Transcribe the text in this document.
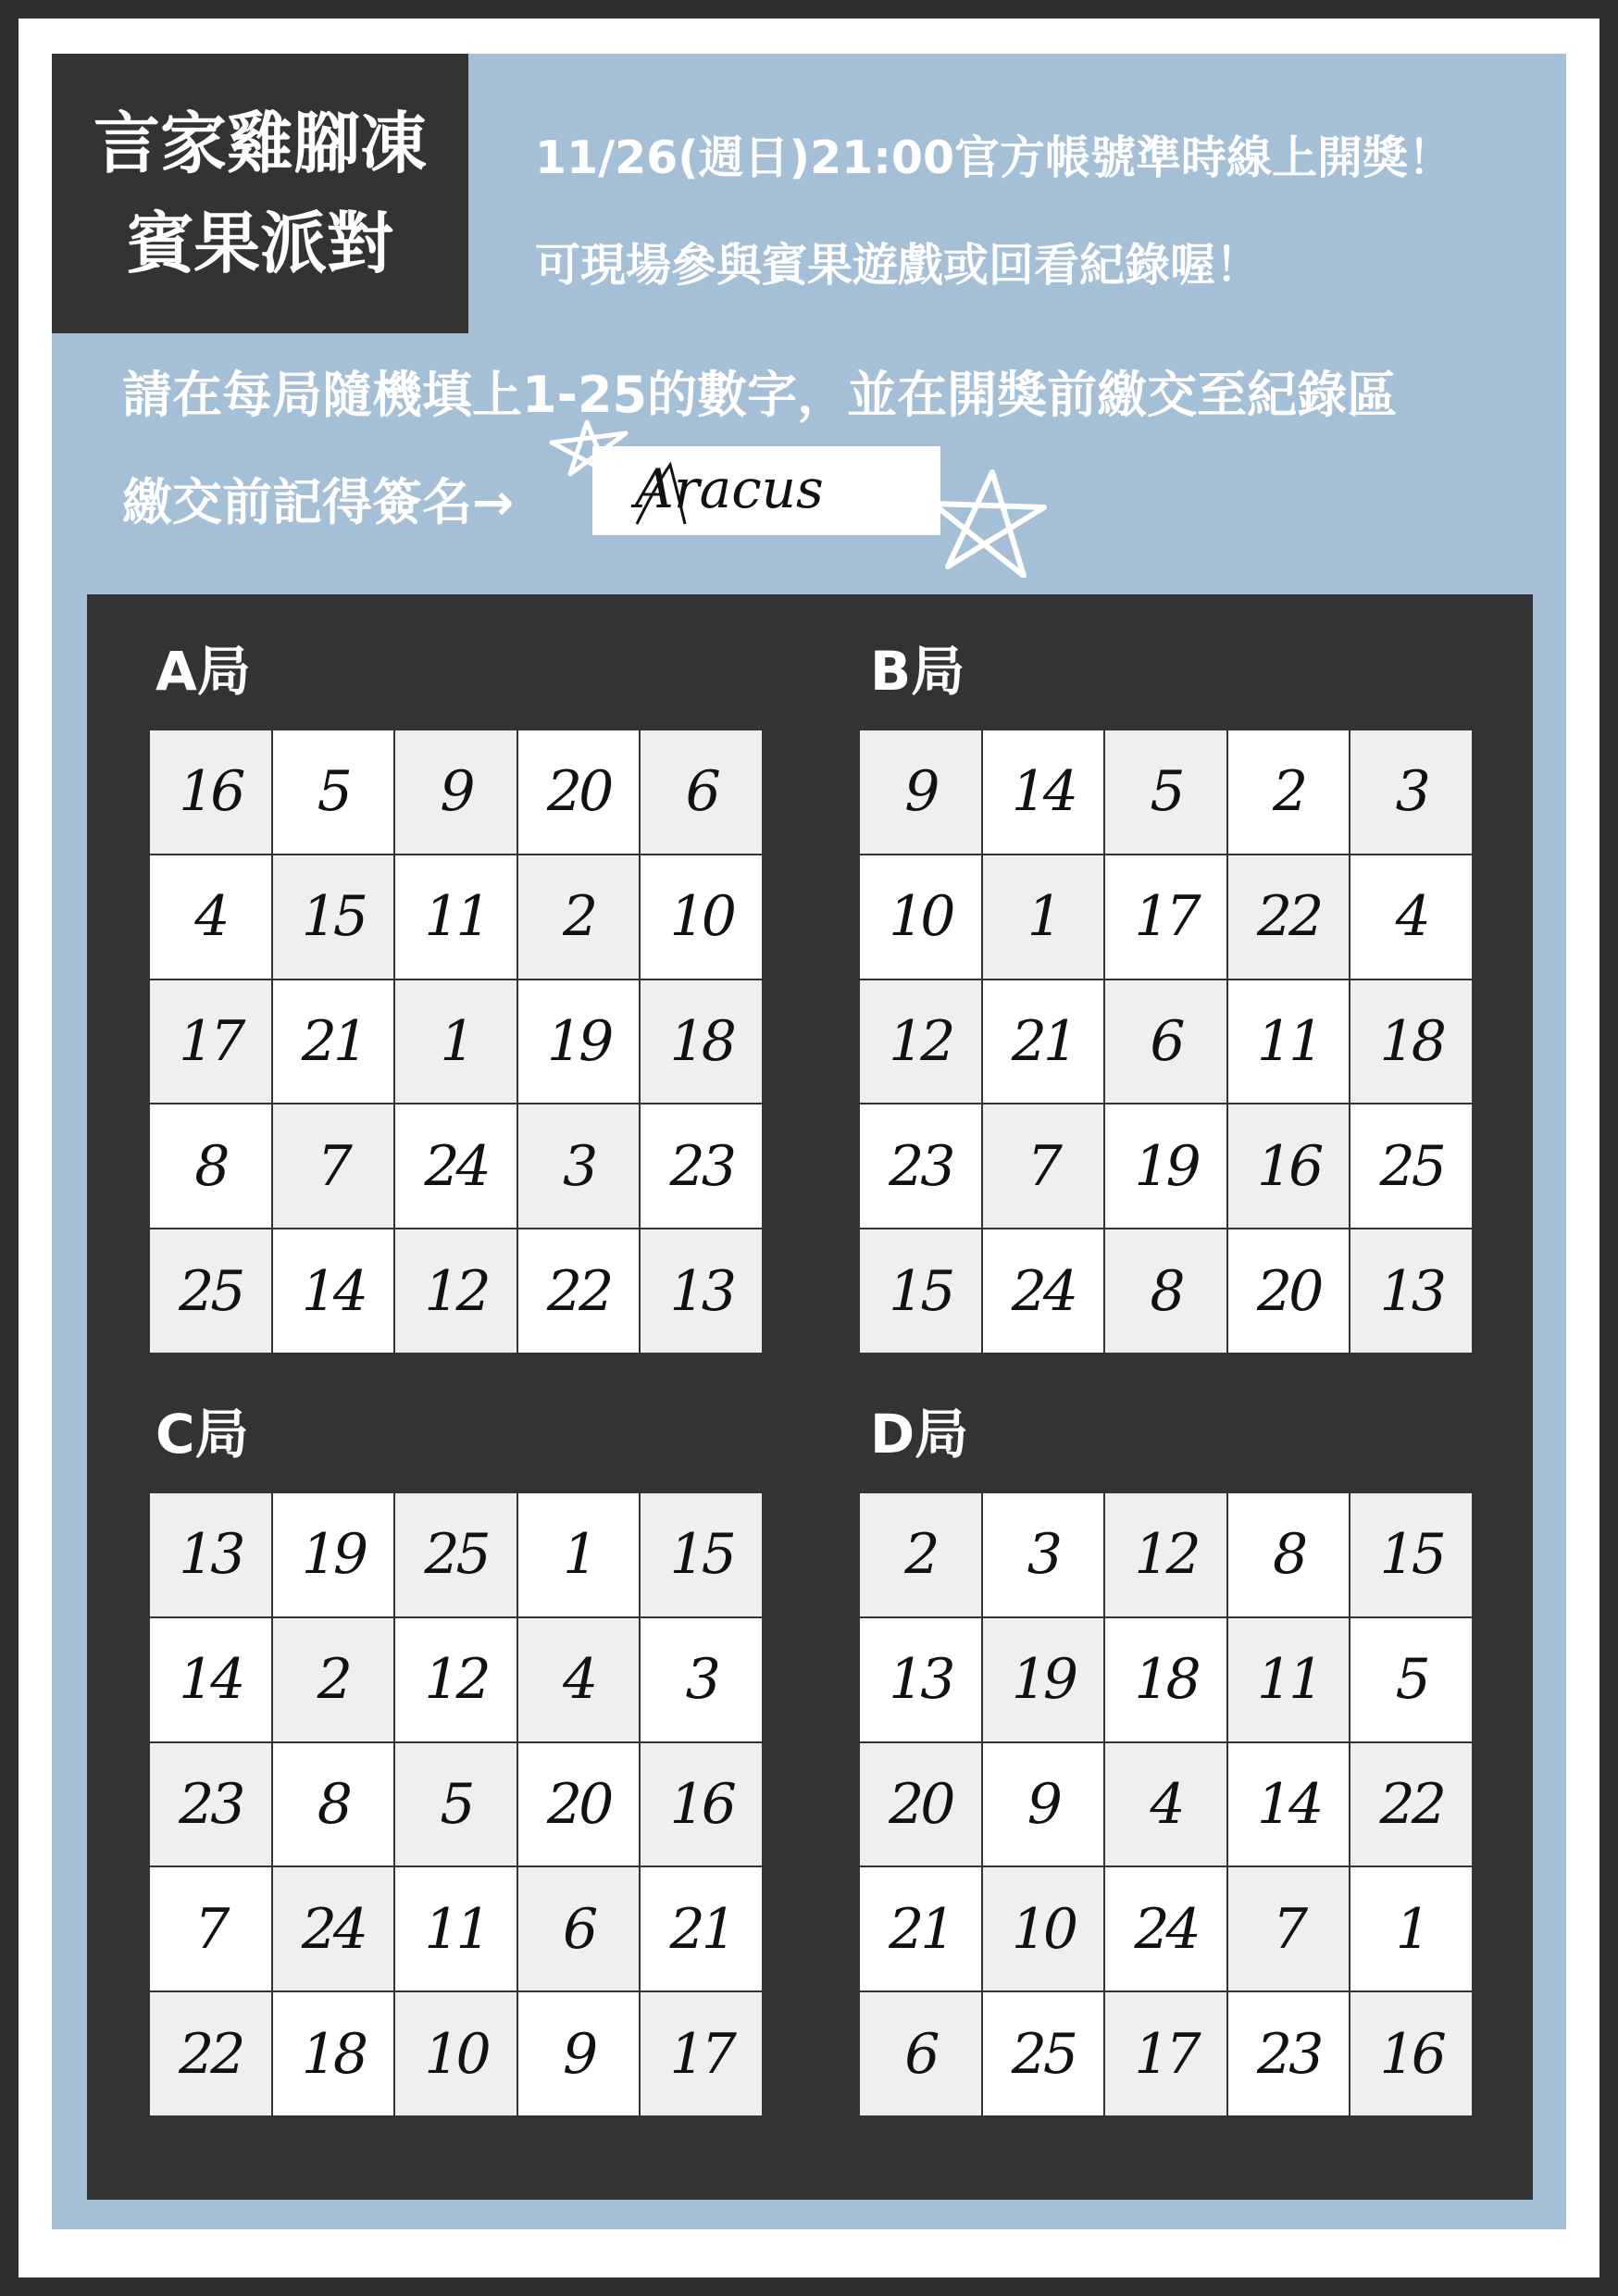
言家雞腳凍
賓果派對
11/26(週日)21:00官方帳號準時線上開獎！
可現場參與賓果遊戲或回看紀錄喔！
請在每局隨機填上1-25的數字，並在開獎前繳交至紀錄區
繳交前記得簽名→ Aracus
A局	B局
C局	D局
16	5	9	20	6
4	15	11	2	10
17	21	1	19	18
8	7	24	3	23
25	14	12	22	13
9	14	5	2	3
10	1	17	22	4
12	21	6	11	18
23	7	19	16	25
15	24	8	20	13
13	19	25	1	15
14	2	12	4	3
23	8	5	20	16
7	24	11	6	21
22	18	10	9	17
2	3	12	8	15
13	19	18	11	5
20	9	4	14	22
21	10	24	7	1
6	25	17	23	16
